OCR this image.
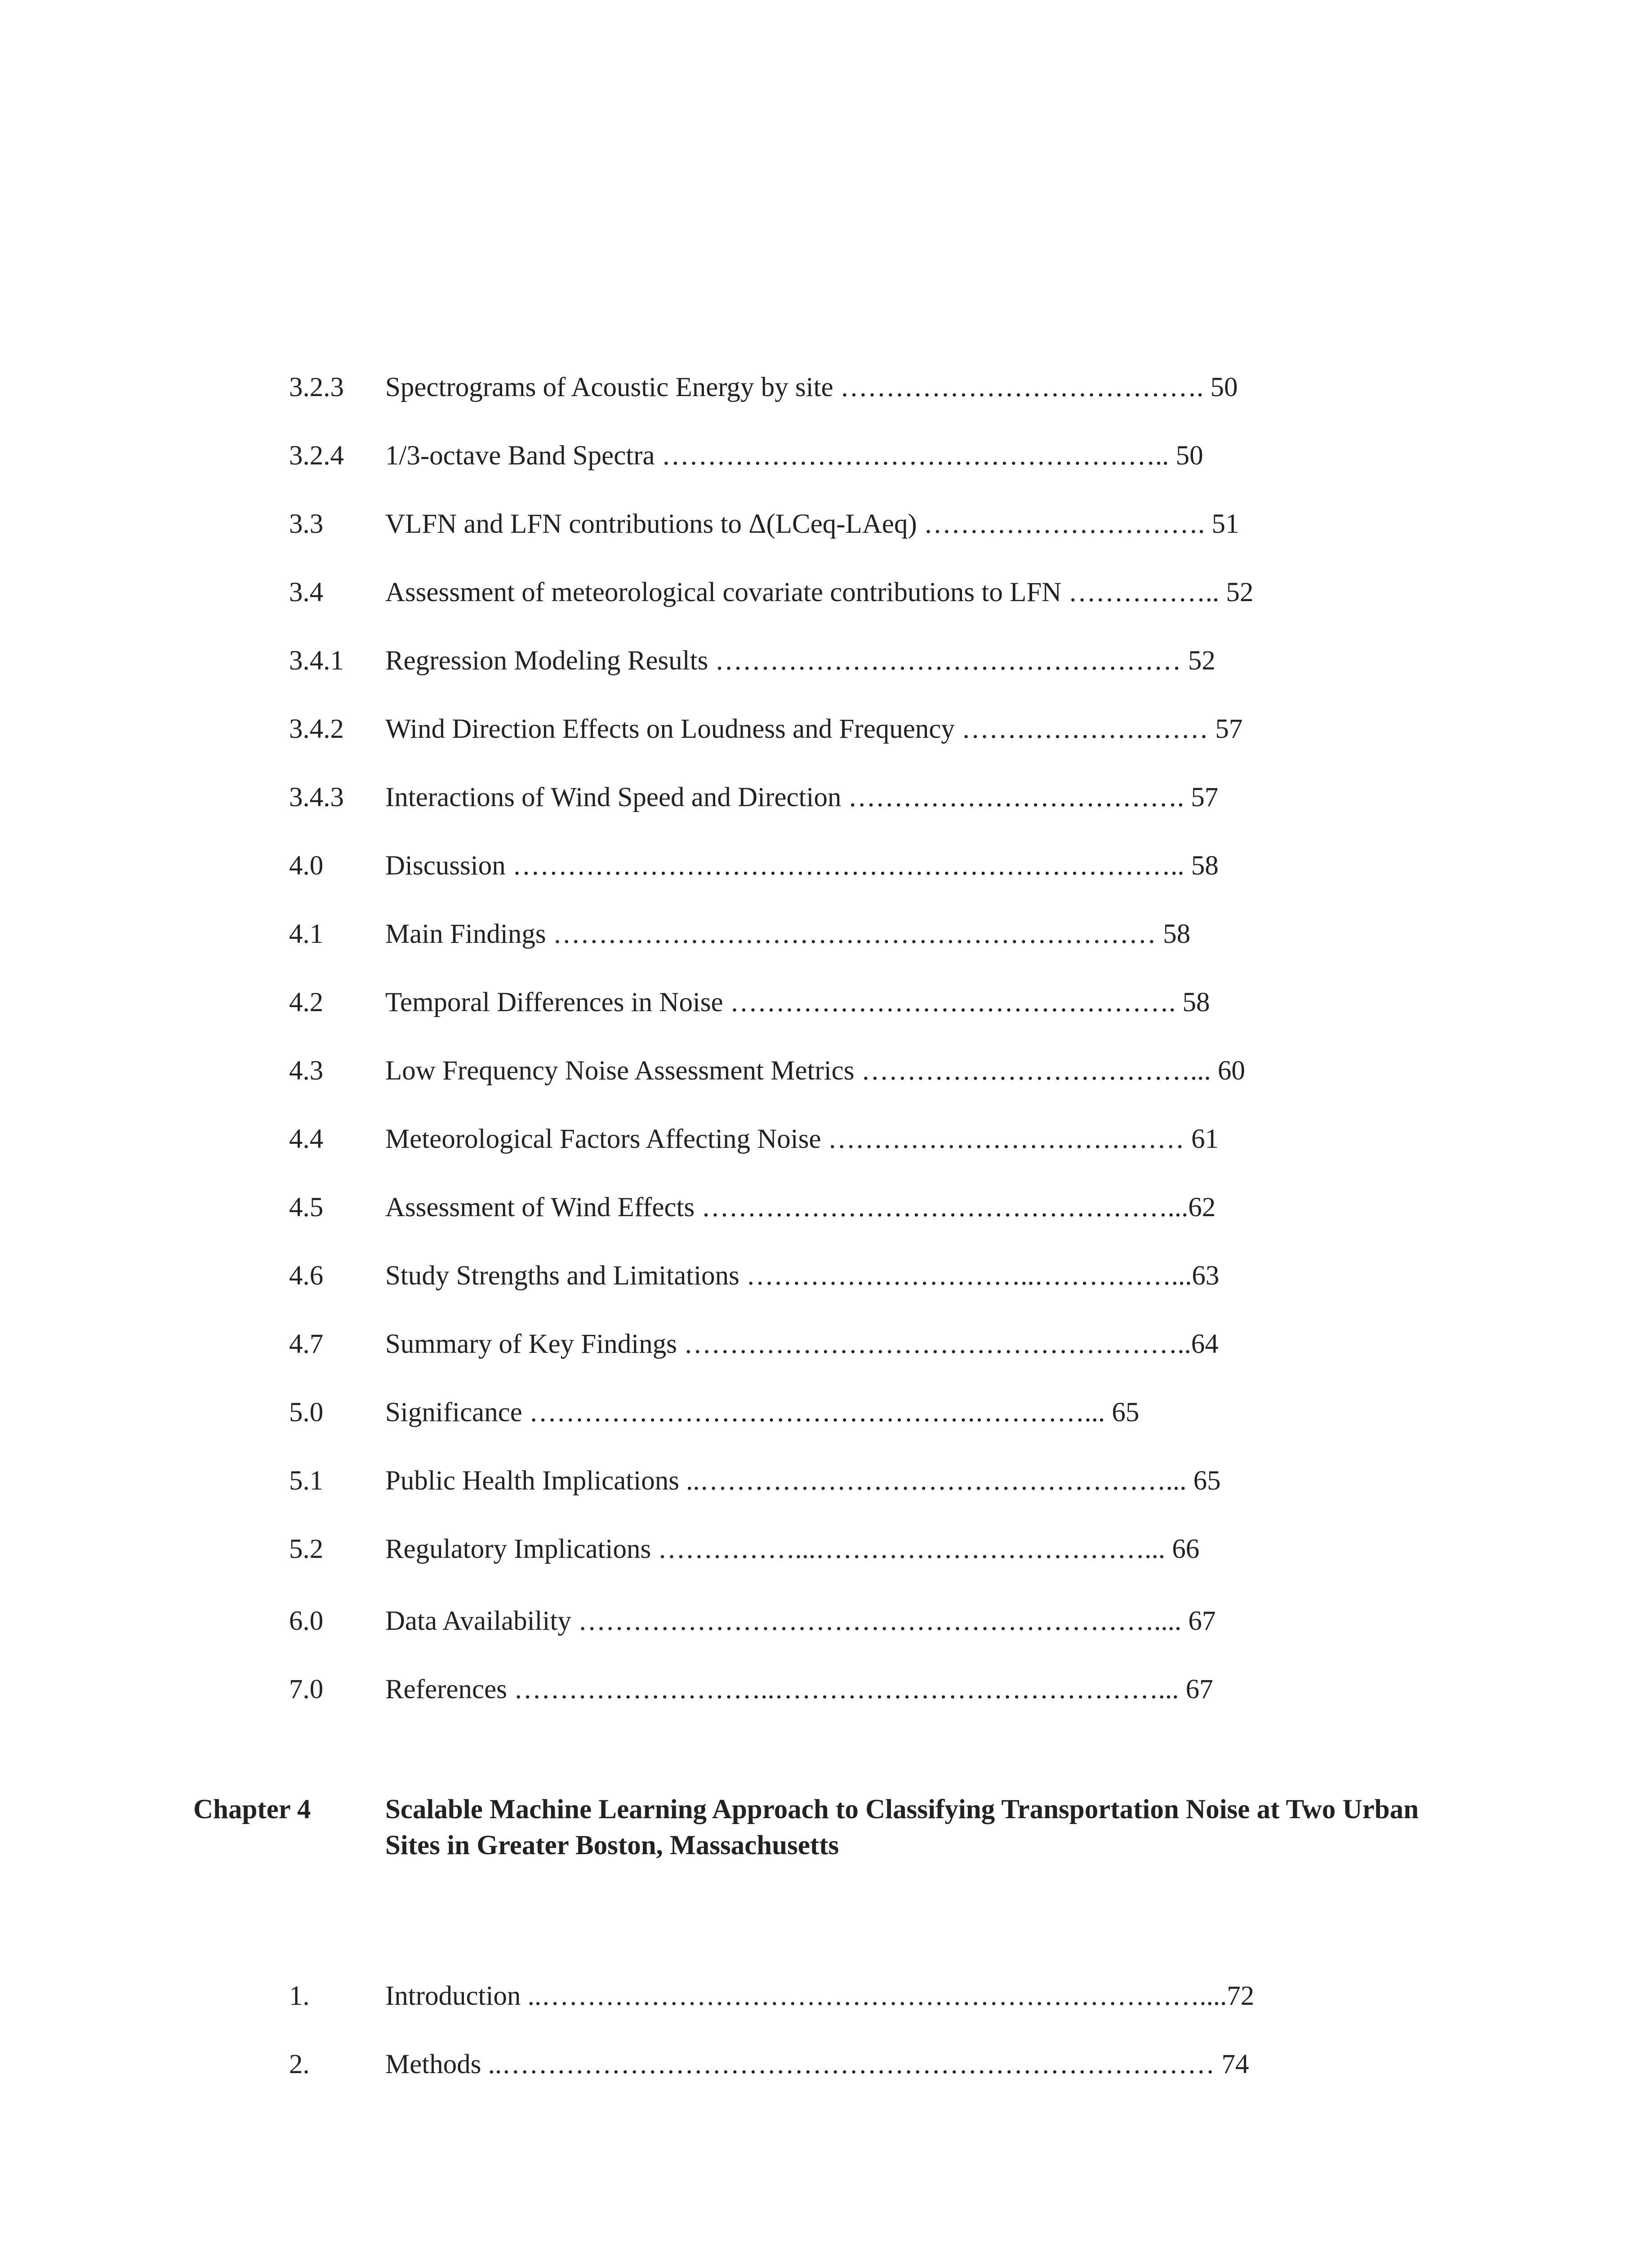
3.2.3 Spectrograms of Acoustic Energy by site …………………………………. 50
3.2.4 1/3-octave Band Spectra ……………………………………………….. 50
3.3 VLFN and LFN contributions to Δ(LCeq-LAeq) …………………………. 51
3.4 Assessment of meteorological covariate contributions to LFN …………….. 52
3.4.1 Regression Modeling Results …………………………………………… 52
3.4.2 Wind Direction Effects on Loudness and Frequency ……………………… 57
3.4.3 Interactions of Wind Speed and Direction ………………………………. 57
4.0 Discussion ……………………………………………………………….. 58
4.1 Main Findings ………………………………………………………… 58
4.2 Temporal Differences in Noise …………………………………………. 58
4.3 Low Frequency Noise Assessment Metrics ………………………………... 60
4.4 Meteorological Factors Affecting Noise ………………………………… 61
4.5 Assessment of Wind Effects ……………………………………………...62
4.6 Study Strengths and Limitations …………………………..……………...63
4.7 Summary of Key Findings ………………………………………………..64
5.0 Significance ………………………………………….…………... 65
5.1 Public Health Implications ..……………………………………………... 65
5.2 Regulatory Implications ……………...………………………………... 66
6.0 Data Availability ……………………………………………………….... 67
7.0 References ………………………..……………………………………... 67
Chapter 4	Scalable Machine Learning Approach to Classifying Transportation Noise at Two Urban Sites in Greater Boston, Massachusetts
1.	Introduction ..………………………………………………………………....72
2.	Methods ..…………………………………………………………………… 74
